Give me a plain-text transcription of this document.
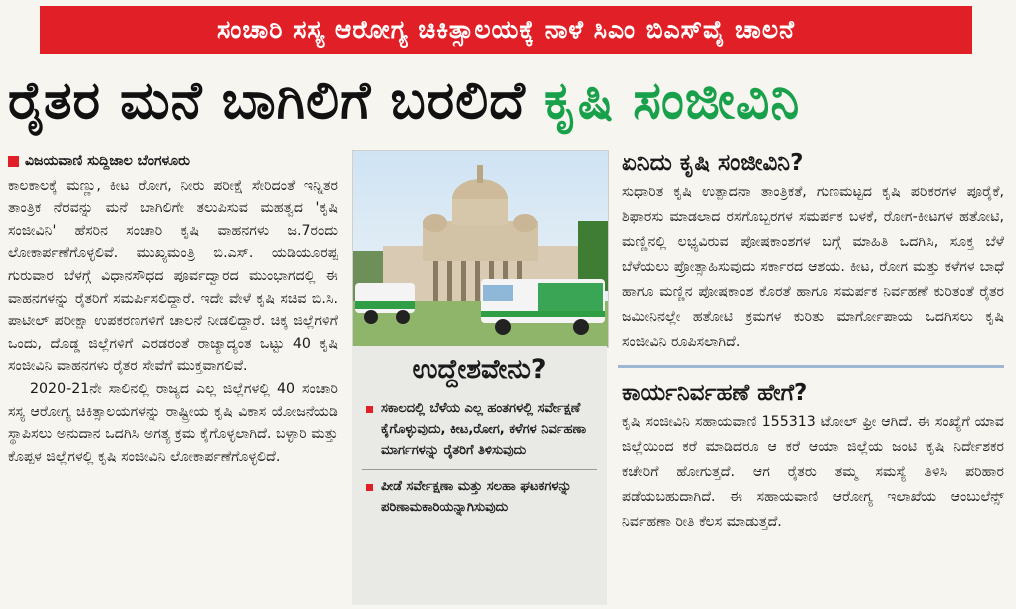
ಸಂಚಾರಿ ಸಸ್ಯ ಆರೋಗ್ಯ ಚಿಕಿತ್ಸಾಲಯಕ್ಕೆ ನಾಳೆ ಸಿಎಂ ಬಿಎಸ್‌ವೈ ಚಾಲನೆ
ರೈತರ ಮನೆ ಬಾಗಿಲಿಗೆ ಬರಲಿದೆ ಕೃಷಿ ಸಂಜೀವಿನಿ
ವಿಜಯವಾಣಿ ಸುದ್ದಿಜಾಲ ಬೆಂಗಳೂರು

ಕಾಲಕಾಲಕ್ಕೆ ಮಣ್ಣು, ಕೀಟ ರೋಗ, ನೀರು ಪರೀಕ್ಷೆ ಸೇರಿದಂತೆ ಇನ್ನಿತರ ತಾಂತ್ರಿಕ ನೆರವನ್ನು ಮನೆ ಬಾಗಿಲಿಗೇ ತಲುಪಿಸುವ ಮಹತ್ವದ 'ಕೃಷಿ ಸಂಜೀವಿನಿ' ಹೆಸರಿನ ಸಂಚಾರಿ ಕೃಷಿ ವಾಹನಗಳು ಜ.7ರಂದು ಲೋಕಾರ್ಪಣೆಗೊಳ್ಳಲಿವೆ. ಮುಖ್ಯಮಂತ್ರಿ ಬಿ.ಎಸ್. ಯಡಿಯೂರಪ್ಪ ಗುರುವಾರ ಬೆಳಗ್ಗೆ ವಿಧಾನಸೌಧದ ಪೂರ್ವದ್ವಾರದ ಮುಂಭಾಗದಲ್ಲಿ ಈ ವಾಹನಗಳನ್ನು ರೈತರಿಗೆ ಸಮರ್ಪಿಸಲಿದ್ದಾರೆ. ಇದೇ ವೇಳೆ ಕೃಷಿ ಸಚಿವ ಬಿ.ಸಿ. ಪಾಟೀಲ್ ಪರೀಕ್ಷಾ ಉಪಕರಣಗಳಿಗೆ ಚಾಲನೆ ನೀಡಲಿದ್ದಾರೆ. ಚಿಕ್ಕ ಜಿಲ್ಲೆಗಳಿಗೆ ಒಂದು, ದೊಡ್ಡ ಜಿಲ್ಲೆಗಳಿಗೆ ಎರಡರಂತೆ ರಾಜ್ಯಾದ್ಯಂತ ಒಟ್ಟು 40 ಕೃಷಿ ಸಂಜೀವಿನಿ ವಾಹನಗಳು ರೈತರ ಸೇವೆಗೆ ಮುಕ್ತವಾಗಲಿವೆ.

2020-21ನೇ ಸಾಲಿನಲ್ಲಿ ರಾಜ್ಯದ ಎಲ್ಲ ಜಿಲ್ಲೆಗಳಲ್ಲಿ 40 ಸಂಚಾರಿ ಸಸ್ಯ ಆರೋಗ್ಯ ಚಿಕಿತ್ಸಾಲಯಗಳನ್ನು ರಾಷ್ಟ್ರೀಯ ಕೃಷಿ ವಿಕಾಸ ಯೋಜನೆಯಡಿ ಸ್ಥಾಪಿಸಲು ಅನುದಾನ ಒದಗಿಸಿ ಅಗತ್ಯ ಕ್ರಮ ಕೈಗೊಳ್ಳಲಾಗಿದೆ. ಬಳ್ಳಾರಿ ಮತ್ತು ಕೊಪ್ಪಳ ಜಿಲ್ಲೆಗಳಲ್ಲಿ ಕೃಷಿ ಸಂಜೀವಿನಿ ಲೋಕಾರ್ಪಣೆಗೊಳ್ಳಲಿದೆ.

ಉದ್ದೇಶವೇನು?
ಸಕಾಲದಲ್ಲಿ ಬೆಳೆಯ ಎಲ್ಲ ಹಂತಗಳಲ್ಲಿ ಸರ್ವೇಕ್ಷಣೆ ಕೈಗೊಳ್ಳುವುದು, ಕೀಟ,ರೋಗ, ಕಳೆಗಳ ನಿರ್ವಹಣಾ ಮಾರ್ಗಗಳನ್ನು ರೈತರಿಗೆ ತಿಳಿಸುವುದು
ಪೀಡೆ ಸರ್ವೇಕ್ಷಣಾ ಮತ್ತು ಸಲಹಾ ಘಟಕಗಳನ್ನು ಪರಿಣಾಮಕಾರಿಯನ್ನಾಗಿಸುವುದು
ಏನಿದು ಕೃಷಿ ಸಂಜೀವಿನಿ?

ಸುಧಾರಿತ ಕೃಷಿ ಉತ್ಪಾದನಾ ತಾಂತ್ರಿಕತೆ, ಗುಣಮಟ್ಟದ ಕೃಷಿ ಪರಿಕರಗಳ ಪೂರೈಕೆ, ಶಿಫಾರಸು ಮಾಡಲಾದ ರಸಗೊಬ್ಬರಗಳ ಸಮರ್ಪಕ ಬಳಕೆ, ರೋಗ-ಕೀಟಗಳ ಹತೋಟಿ, ಮಣ್ಣಿನಲ್ಲಿ ಲಭ್ಯವಿರುವ ಪೋಷಕಾಂಶಗಳ ಬಗ್ಗೆ ಮಾಹಿತಿ ಒದಗಿಸಿ, ಸೂಕ್ತ ಬೆಳೆ ಬೆಳೆಯಲು ಪ್ರೋತ್ಸಾಹಿಸುವುದು ಸರ್ಕಾರದ ಆಶಯ. ಕೀಟ, ರೋಗ ಮತ್ತು ಕಳೆಗಳ ಬಾಧೆ ಹಾಗೂ ಮಣ್ಣಿನ ಪೋಷಕಾಂಶ ಕೊರತೆ ಹಾಗೂ ಸಮರ್ಪಕ ನಿರ್ವಹಣೆ ಕುರಿತಂತೆ ರೈತರ ಜಮೀನಿನಲ್ಲೇ ಹತೋಟಿ ಕ್ರಮಗಳ ಕುರಿತು ಮಾರ್ಗೋಪಾಯ ಒದಗಿಸಲು ಕೃಷಿ ಸಂಜೀವಿನಿ ರೂಪಿಸಲಾಗಿದೆ.

ಕಾರ್ಯನಿರ್ವಹಣೆ ಹೇಗೆ?

ಕೃಷಿ ಸಂಜೀವಿನಿ ಸಹಾಯವಾಣಿ 155313 ಟೋಲ್ ಫ್ರೀ ಆಗಿದೆ. ಈ ಸಂಖ್ಯೆಗೆ ಯಾವ ಜಿಲ್ಲೆಯಿಂದ ಕರೆ ಮಾಡಿದರೂ ಆ ಕರೆ ಆಯಾ ಜಿಲ್ಲೆಯ ಜಂಟಿ ಕೃಷಿ ನಿರ್ದೇಶಕರ ಕಚೇರಿಗೆ ಹೋಗುತ್ತದೆ. ಆಗ ರೈತರು ತಮ್ಮ ಸಮಸ್ಯೆ ತಿಳಿಸಿ ಪರಿಹಾರ ಪಡೆಯಬಹುದಾಗಿದೆ. ಈ ಸಹಾಯವಾಣಿ ಆರೋಗ್ಯ ಇಲಾಖೆಯ ಆಂಬುಲೆನ್ಸ್ ನಿರ್ವಹಣಾ ರೀತಿ ಕೆಲಸ ಮಾಡುತ್ತದೆ.
